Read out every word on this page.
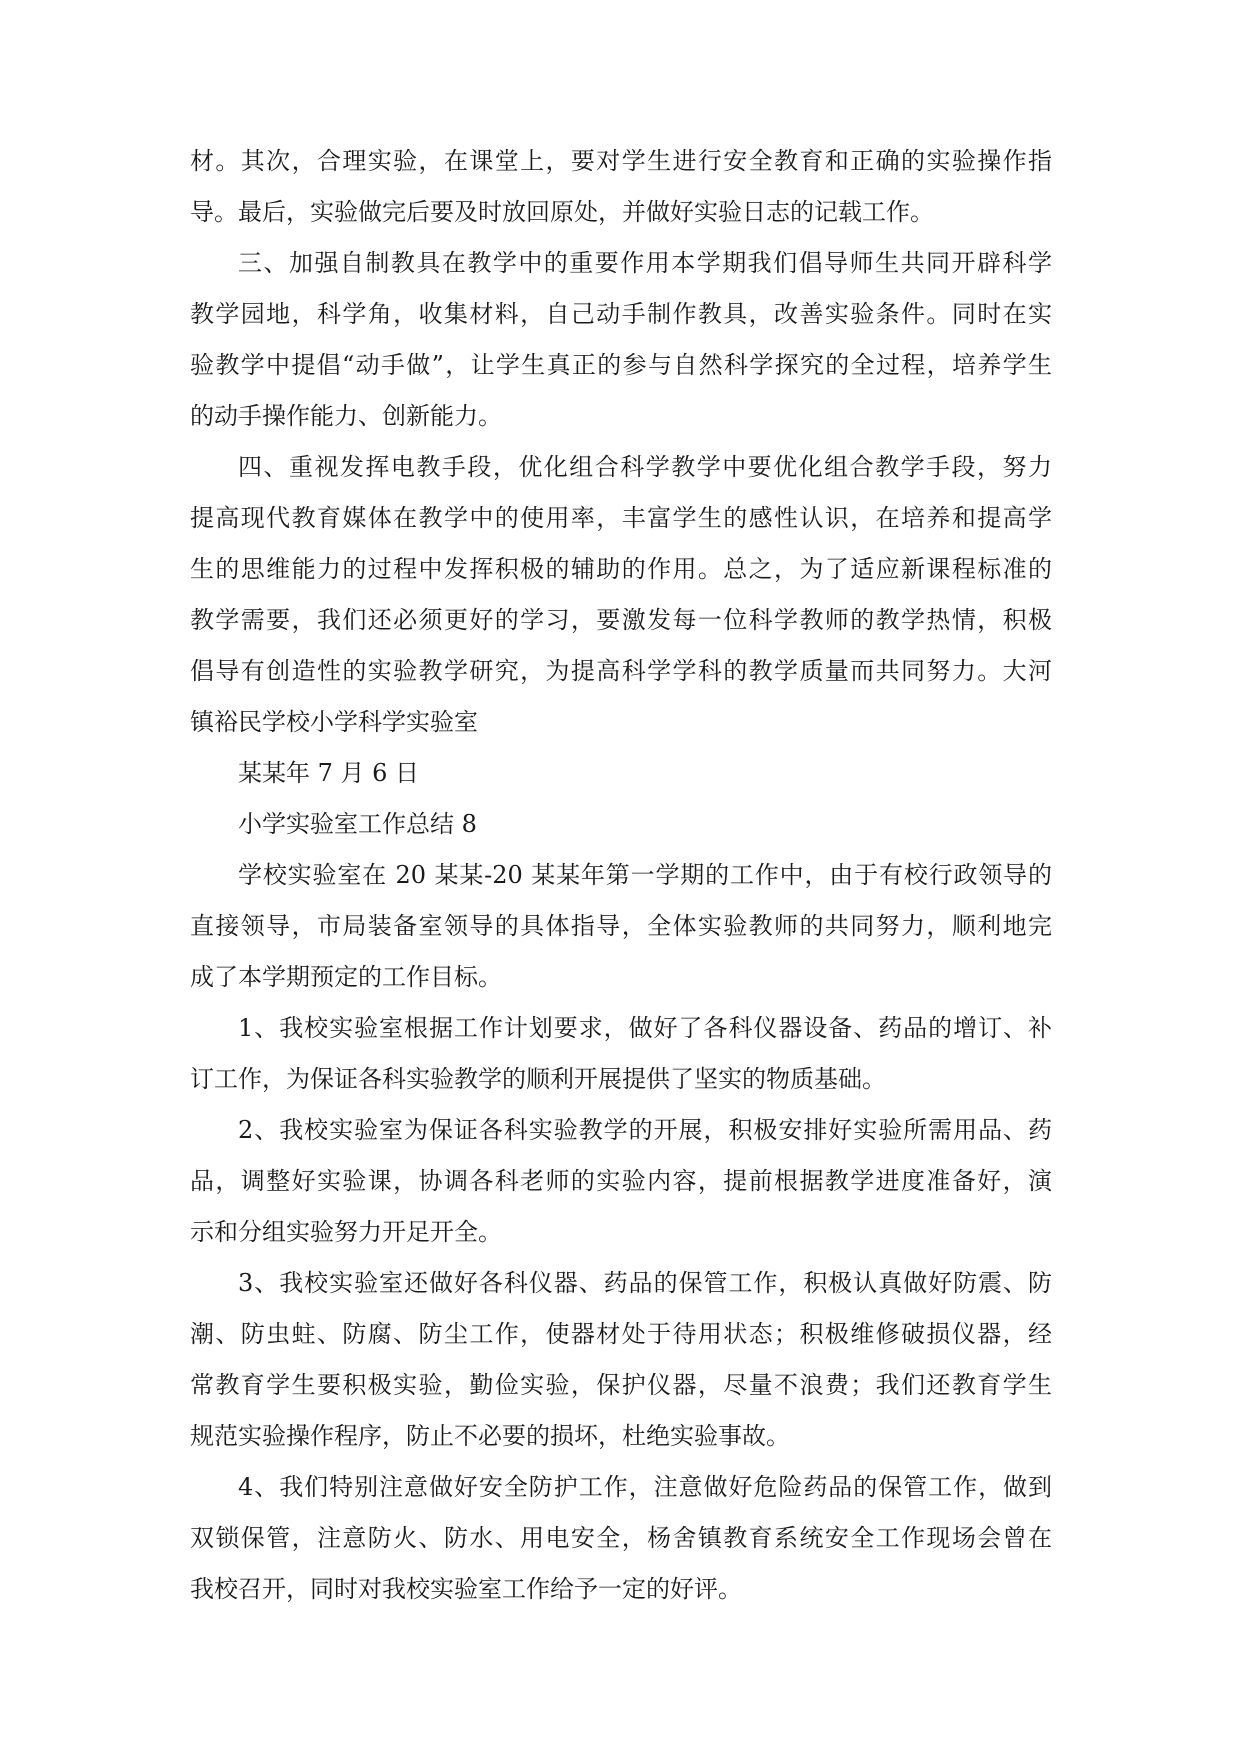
材。其次，合理实验，在课堂上，要对学生进行安全教育和正确的实验操作指
导。最后，实验做完后要及时放回原处，并做好实验日志的记载工作。

三、加强自制教具在教学中的重要作用本学期我们倡导师生共同开辟科学
教学园地，科学角，收集材料，自己动手制作教具，改善实验条件。同时在实
验教学中提倡“动手做”，让学生真正的参与自然科学探究的全过程，培养学生
的动手操作能力、创新能力。

四、重视发挥电教手段，优化组合科学教学中要优化组合教学手段，努力
提高现代教育媒体在教学中的使用率，丰富学生的感性认识，在培养和提高学
生的思维能力的过程中发挥积极的辅助的作用。总之，为了适应新课程标准的
教学需要，我们还必须更好的学习，要激发每一位科学教师的教学热情，积极
倡导有创造性的实验教学研究，为提高科学学科的教学质量而共同努力。大河
镇裕民学校小学科学实验室

某某年 7 月 6 日

小学实验室工作总结 8

学校实验室在 20 某某-20 某某年第一学期的工作中，由于有校行政领导的
直接领导，市局装备室领导的具体指导，全体实验教师的共同努力，顺利地完
成了本学期预定的工作目标。

1、我校实验室根据工作计划要求，做好了各科仪器设备、药品的增订、补
订工作，为保证各科实验教学的顺利开展提供了坚实的物质基础。

2、我校实验室为保证各科实验教学的开展，积极安排好实验所需用品、药
品，调整好实验课，协调各科老师的实验内容，提前根据教学进度准备好，演
示和分组实验努力开足开全。

3、我校实验室还做好各科仪器、药品的保管工作，积极认真做好防震、防
潮、防虫蛀、防腐、防尘工作，使器材处于待用状态；积极维修破损仪器，经
常教育学生要积极实验，勤俭实验，保护仪器，尽量不浪费；我们还教育学生
规范实验操作程序，防止不必要的损坏，杜绝实验事故。

4、我们特别注意做好安全防护工作，注意做好危险药品的保管工作，做到
双锁保管，注意防火、防水、用电安全，杨舍镇教育系统安全工作现场会曾在
我校召开，同时对我校实验室工作给予一定的好评。
